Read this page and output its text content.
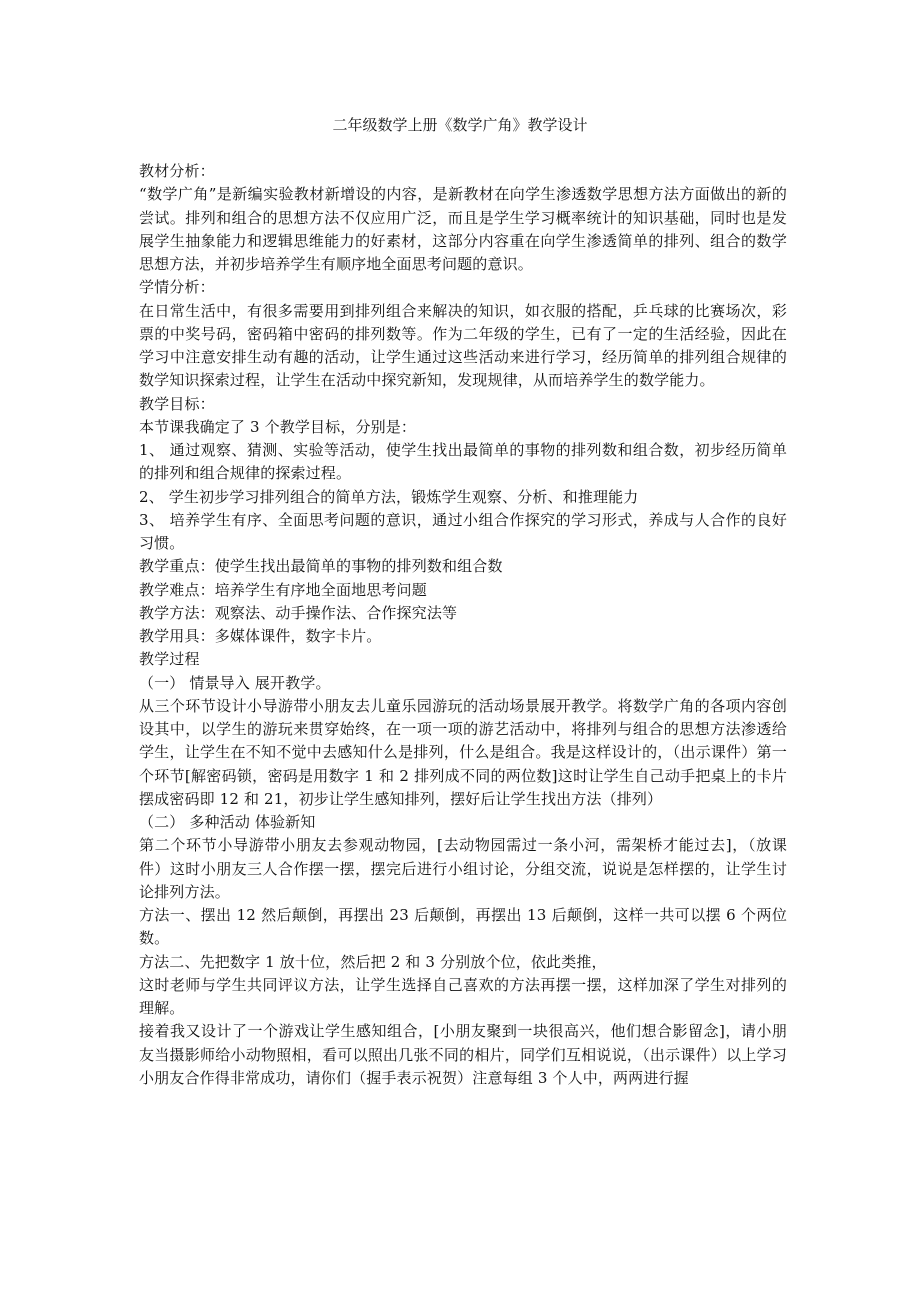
二年级数学上册《数学广角》教学设计

教材分析：

“数学广角”是新编实验教材新增设的内容，是新教材在向学生渗透数学思想方法方面做出的新的尝试。排列和组合的思想方法不仅应用广泛，而且是学生学习概率统计的知识基础，同时也是发展学生抽象能力和逻辑思维能力的好素材，这部分内容重在向学生渗透简单的排列、组合的数学思想方法，并初步培养学生有顺序地全面思考问题的意识。

学情分析：

在日常生活中，有很多需要用到排列组合来解决的知识，如衣服的搭配，乒乓球的比赛场次，彩票的中奖号码，密码箱中密码的排列数等。作为二年级的学生，已有了一定的生活经验，因此在学习中注意安排生动有趣的活动，让学生通过这些活动来进行学习，经历简单的排列组合规律的数学知识探索过程，让学生在活动中探究新知，发现规律，从而培养学生的数学能力。

教学目标：

本节课我确定了 3 个教学目标，分别是：

1、 通过观察、猜测、实验等活动，使学生找出最简单的事物的排列数和组合数，初步经历简单的排列和组合规律的探索过程。

2、 学生初步学习排列组合的简单方法，锻炼学生观察、分析、和推理能力

3、 培养学生有序、全面思考问题的意识，通过小组合作探究的学习形式，养成与人合作的良好习惯。

教学重点：使学生找出最简单的事物的排列数和组合数

教学难点：培养学生有序地全面地思考问题

教学方法：观察法、动手操作法、合作探究法等

教学用具：多媒体课件，数字卡片。

教学过程

（一） 情景导入 展开教学。

从三个环节设计小导游带小朋友去儿童乐园游玩的活动场景展开教学。将数学广角的各项内容创设其中，以学生的游玩来贯穿始终，在一项一项的游艺活动中，将排列与组合的思想方法渗透给学生，让学生在不知不觉中去感知什么是排列，什么是组合。我是这样设计的，（出示课件）第一个环节[解密码锁，密码是用数字 1 和 2 排列成不同的两位数]这时让学生自己动手把桌上的卡片摆成密码即 12 和 21，初步让学生感知排列，摆好后让学生找出方法（排列）

（二） 多种活动 体验新知

第二个环节小导游带小朋友去参观动物园，[去动物园需过一条小河，需架桥才能过去]，（放课件）这时小朋友三人合作摆一摆，摆完后进行小组讨论，分组交流，说说是怎样摆的，让学生讨论排列方法。

方法一、摆出 12 然后颠倒，再摆出 23 后颠倒，再摆出 13 后颠倒，这样一共可以摆 6 个两位数。

方法二、先把数字 1 放十位，然后把 2 和 3 分别放个位，依此类推，

这时老师与学生共同评议方法，让学生选择自己喜欢的方法再摆一摆，这样加深了学生对排列的理解。

接着我又设计了一个游戏让学生感知组合，[小朋友聚到一块很高兴，他们想合影留念]，请小朋友当摄影师给小动物照相，看可以照出几张不同的相片，同学们互相说说，（出示课件）以上学习小朋友合作得非常成功，请你们（握手表示祝贺）注意每组 3 个人中，两两进行握
